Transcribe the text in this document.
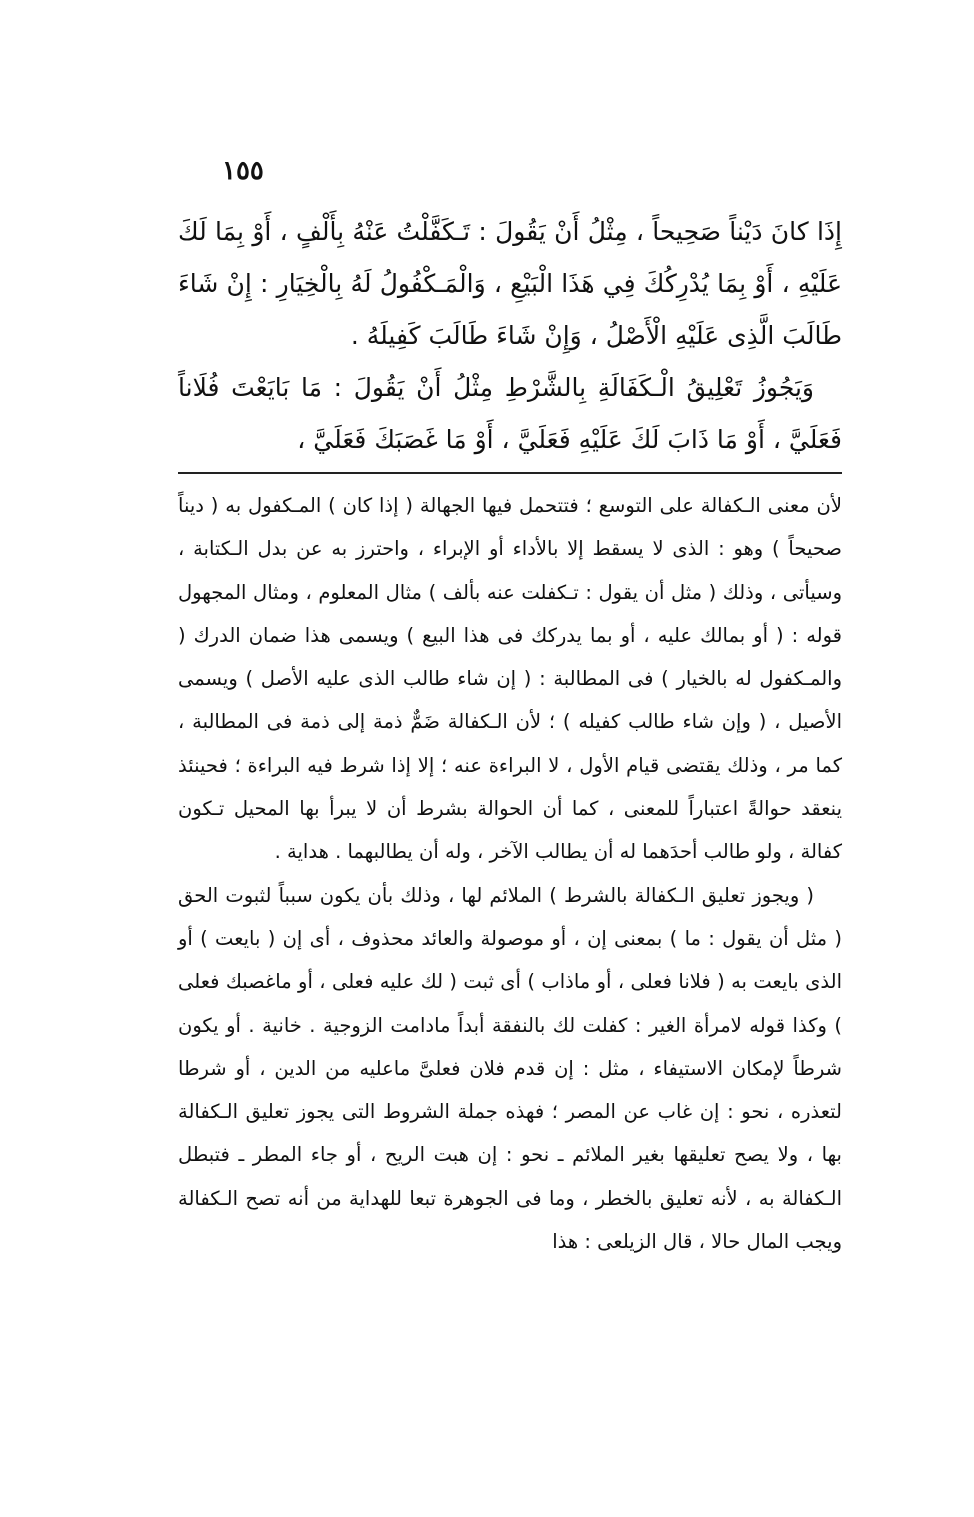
١٥٥

إِذَا كانَ دَيْناً صَحِيحاً ، مِثْلُ أَنْ يَقُولَ : تَـكَفَّلْتُ عَنْهُ بِأَلْفٍ ، أَوْ بِمَا لَكَ عَلَيْهِ ، أَوْ بِمَا يُدْرِكُكَ فِي هَذَا الْبَيْعِ ، وَالْمَـكْفُولُ لَهُ بِالْخِيَارِ : إِنْ شَاءَ طَالَبَ الَّذِى عَلَيْهِ الْأَصْلُ ، وَإِنْ شَاءَ طَالَبَ كَفِيلَهُ .

وَيَجُوزُ تَعْلِيقُ الْـكَفَالَةِ بِالشَّرْطِ مِثْلُ أَنْ يَقُولَ : مَا بَايَعْتَ فُلَاناً فَعَلَيَّ ، أَوْ مَا ذَابَ لَكَ عَلَيْهِ فَعَلَيَّ ، أَوْ مَا غَصَبَكَ فَعَلَيَّ ،

لأن معنى الـكفالة على التوسع ؛ فتتحمل فيها الجهالة ( إذا كان ) المـكفول به ( ديناً صحيحاً ) وهو : الذى لا يسقط إلا بالأداء أو الإبراء ، واحترز به عن بدل الـكتابة ، وسيأتى ، وذلك ( مثل أن يقول : تـكفلت عنه بألف ) مثال المعلوم ، ومثال المجهول قوله : ( أو بمالك عليه ، أو بما يدركك فى هذا البيع ) ويسمى هذا ضمان الدرك ( والمـكفول له بالخيار ) فى المطالبة : ( إن شاء طالب الذى عليه الأصل ) ويسمى الأصيل ، ( وإن شاء طالب كفيله ) ؛ لأن الـكفالة ضَمٌّ ذمة إلى ذمة فى المطالبة ، كما مر ، وذلك يقتضى قيام الأول ، لا البراءة عنه ؛ إلا إذا شرط فيه البراءة ؛ فحينئذ ينعقد حوالةً اعتباراً للمعنى ، كما أن الحوالة بشرط أن لا يبرأ بها المحيل تـكون كفالة ، ولو طالب أحدَهما له أن يطالب الآخر ، وله أن يطالبهما . هداية .

( ويجوز تعليق الـكفالة بالشرط ) الملائم لها ، وذلك بأن يكون سبباً لثبوت الحق ( مثل أن يقول : ما ) بمعنى إن ، أو موصولة والعائد محذوف ، أى إن ( بايعت ) أو الذى بايعت به ( فلانا فعلى ، أو ماذاب ) أى ثبت ( لك عليه فعلى ، أو ماغصبك فعلى ) وكذا قوله لامرأة الغير : كفلت لك بالنفقة أبداً مادامت الزوجية . خانية . أو يكون شرطاً لإمكان الاستيفاء ، مثل : إن قدم فلان فعلىَّ ماعليه من الدين ، أو شرطا لتعذره ، نحو : إن غاب عن المصر ؛ فهذه جملة الشروط التى يجوز تعليق الـكفالة بها ، ولا يصح تعليقها بغير الملائم ـ نحو : إن هبت الريح ، أو جاء المطر ـ فتبطل الـكفالة به ، لأنه تعليق بالخطر ، وما فى الجوهرة تبعا للهداية من أنه تصح الـكفالة ويجب المال حالا ، قال الزيلعى : هذا
